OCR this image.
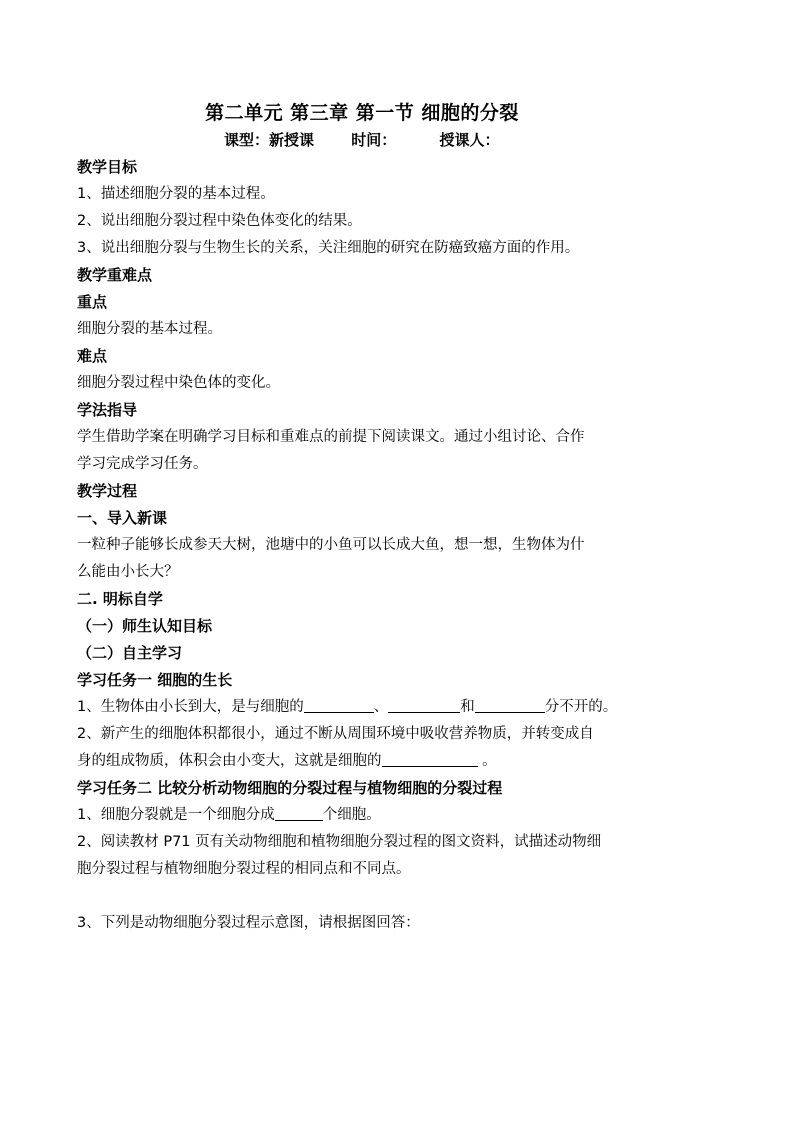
第二单元 第三章 第一节 细胞的分裂
课型：新授课 时间：	授课人：
教学目标
1、描述细胞分裂的基本过程。
2、说出细胞分裂过程中染色体变化的结果。
3、说出细胞分裂与生物生长的关系，关注细胞的研究在防癌致癌方面的作用。
教学重难点
重点
细胞分裂的基本过程。
难点
细胞分裂过程中染色体的变化。
学法指导
学生借助学案在明确学习目标和重难点的前提下阅读课文。通过小组讨论、合作
学习完成学习任务。
教学过程
一、导入新课
一粒种子能够长成参天大树，池塘中的小鱼可以长成大鱼，想一想，生物体为什
么能由小长大？
二. 明标自学
（一）师生认知目标
（二）自主学习
学习任务一 细胞的生长
1、生物体由小长到大，是与细胞的	、	和	分不开的。
2、新产生的细胞体积都很小，通过不断从周围环境中吸收营养物质，并转变成自
身的组成物质，体积会由小变大，这就是细胞的	。
学习任务二 比较分析动物细胞的分裂过程与植物细胞的分裂过程
1、细胞分裂就是一个细胞分成	个细胞。
2、阅读教材 P71 页有关动物细胞和植物细胞分裂过程的图文资料，试描述动物细
胞分裂过程与植物细胞分裂过程的相同点和不同点。
3、下列是动物细胞分裂过程示意图，请根据图回答：
